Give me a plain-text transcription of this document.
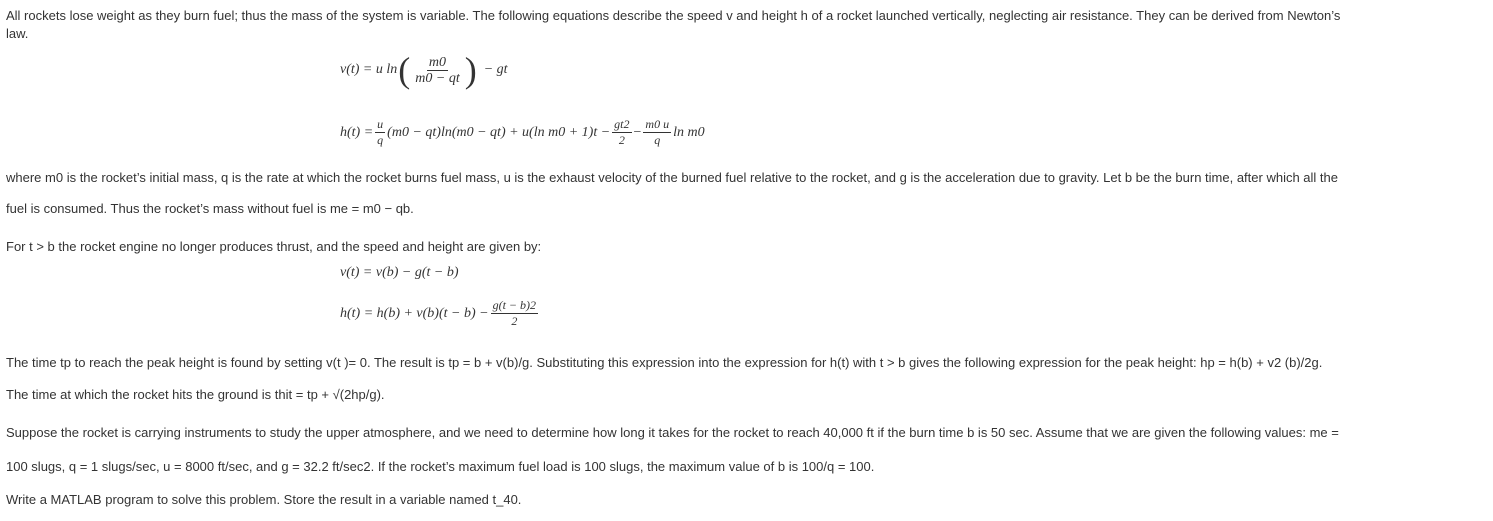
All rockets lose weight as they burn fuel; thus the mass of the system is variable. The following equations describe the speed v and height h of a rocket launched vertically, neglecting air resistance. They can be derived from Newton’s
law.
v(t) = u ln ( $\frac{m0}{m0 - qt}$ ) − gt
$h(t) = \frac{u}{q} (m0 - qt)\ln(m0 - qt) + u(\ln$ $m0 + 1)t - \frac{gt2}{2} - \frac{m0 u}{q}$ ln m0
where m0 is the rocket’s initial mass, q is the rate at which the rocket burns fuel mass, u is the exhaust velocity of the burned fuel relative to the rocket, and g is the acceleration due to gravity. Let b be the burn time, after which all the
fuel is consumed. Thus the rocket’s mass without fuel is me = m0 − qb.
For t > b the rocket engine no longer produces thrust, and the speed and height are given by:
v(t) = v(b) − g(t − b)
$h(t) = h(b) + v(b)(t - b) - \frac{g(t - b)2}{2}$
The time tp to reach the peak height is found by setting v(t )= 0. The result is tp = b + v(b)/g. Substituting this expression into the expression for h(t) with t > b gives the following expression for the peak height: hp = h(b) + v2 (b)/2g.
The time at which the rocket hits the ground is thit = tp + √(2hp/g).
Suppose the rocket is carrying instruments to study the upper atmosphere, and we need to determine how long it takes for the rocket to reach 40,000 ft if the burn time b is 50 sec. Assume that we are given the following values: me =
100 slugs, q = 1 slugs/sec, u = 8000 ft/sec, and g = 32.2 ft/sec2. If the rocket’s maximum fuel load is 100 slugs, the maximum value of b is 100/q = 100.
Write a MATLAB program to solve this problem. Store the result in a variable named t_40.
